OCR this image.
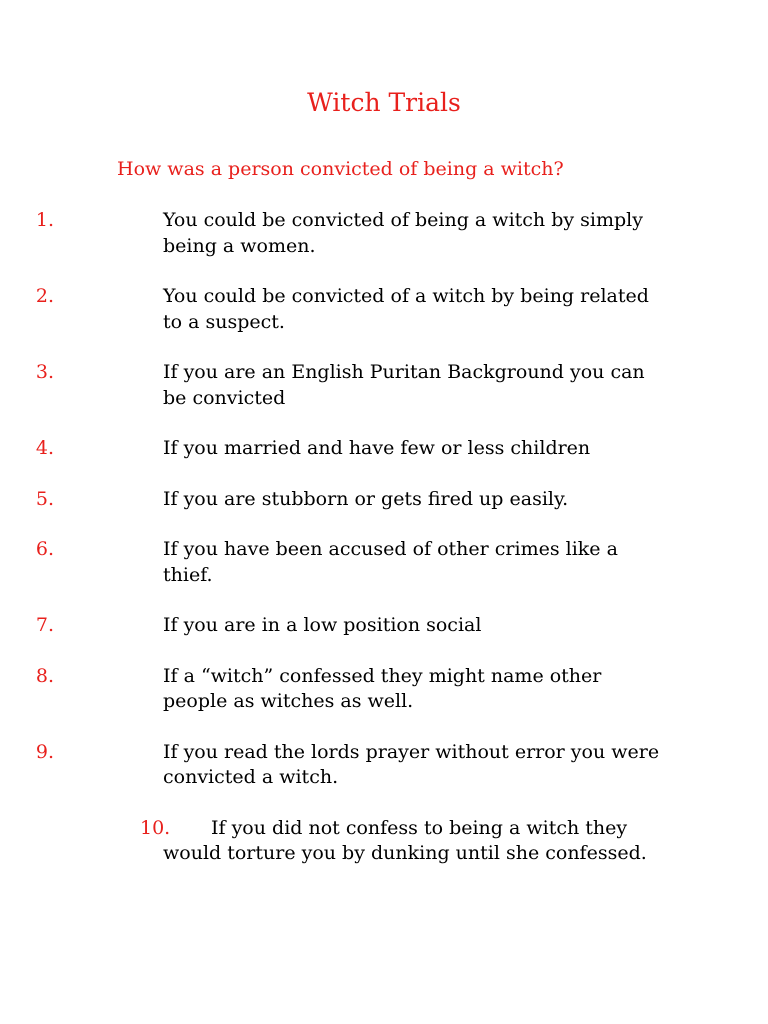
Witch Trials
How was a person convicted of being a witch?
1.	You could be convicted of being a witch by simply being a women.
2.	You could be convicted of a witch by being related to a suspect.
3.	If you are an English Puritan Background you can be convicted
4.	If you married and have few or less children
5.	If you are stubborn or gets fired up easily.
6.	If you have been accused of other crimes like a thief.
7.	If you are in a low position social
8.	If a “witch” confessed they might name other people as witches as well.
9.	If you read the lords prayer without error you were convicted a witch.
10.	If you did not confess to being a witch they would torture you by dunking until she confessed.
